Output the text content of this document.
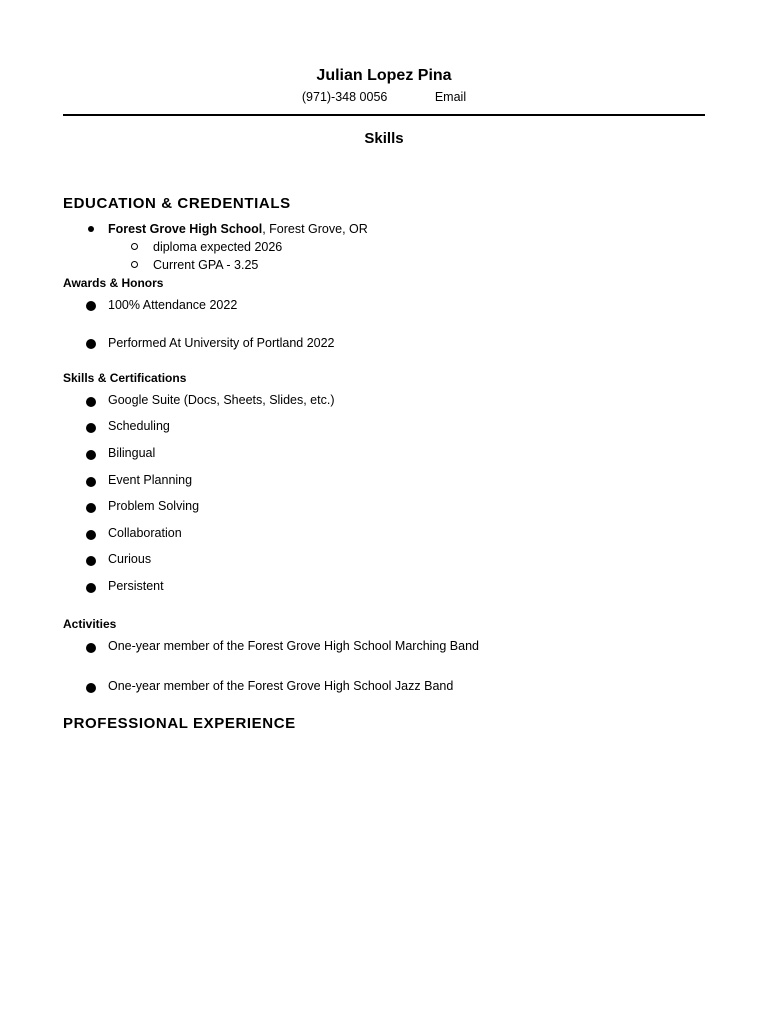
Julian Lopez Pina
(971)-348 0056	Email
Skills
EDUCATION & CREDENTIALS
Forest Grove High School, Forest Grove, OR
diploma expected 2026
Current GPA - 3.25
Awards & Honors
100% Attendance 2022
Performed At University of Portland 2022
Skills & Certifications
Google Suite (Docs, Sheets, Slides, etc.)
Scheduling
Bilingual
Event Planning
Problem Solving
Collaboration
Curious
Persistent
Activities
One-year member of the Forest Grove High School Marching Band
One-year member of the Forest Grove High School Jazz Band
PROFESSIONAL EXPERIENCE
